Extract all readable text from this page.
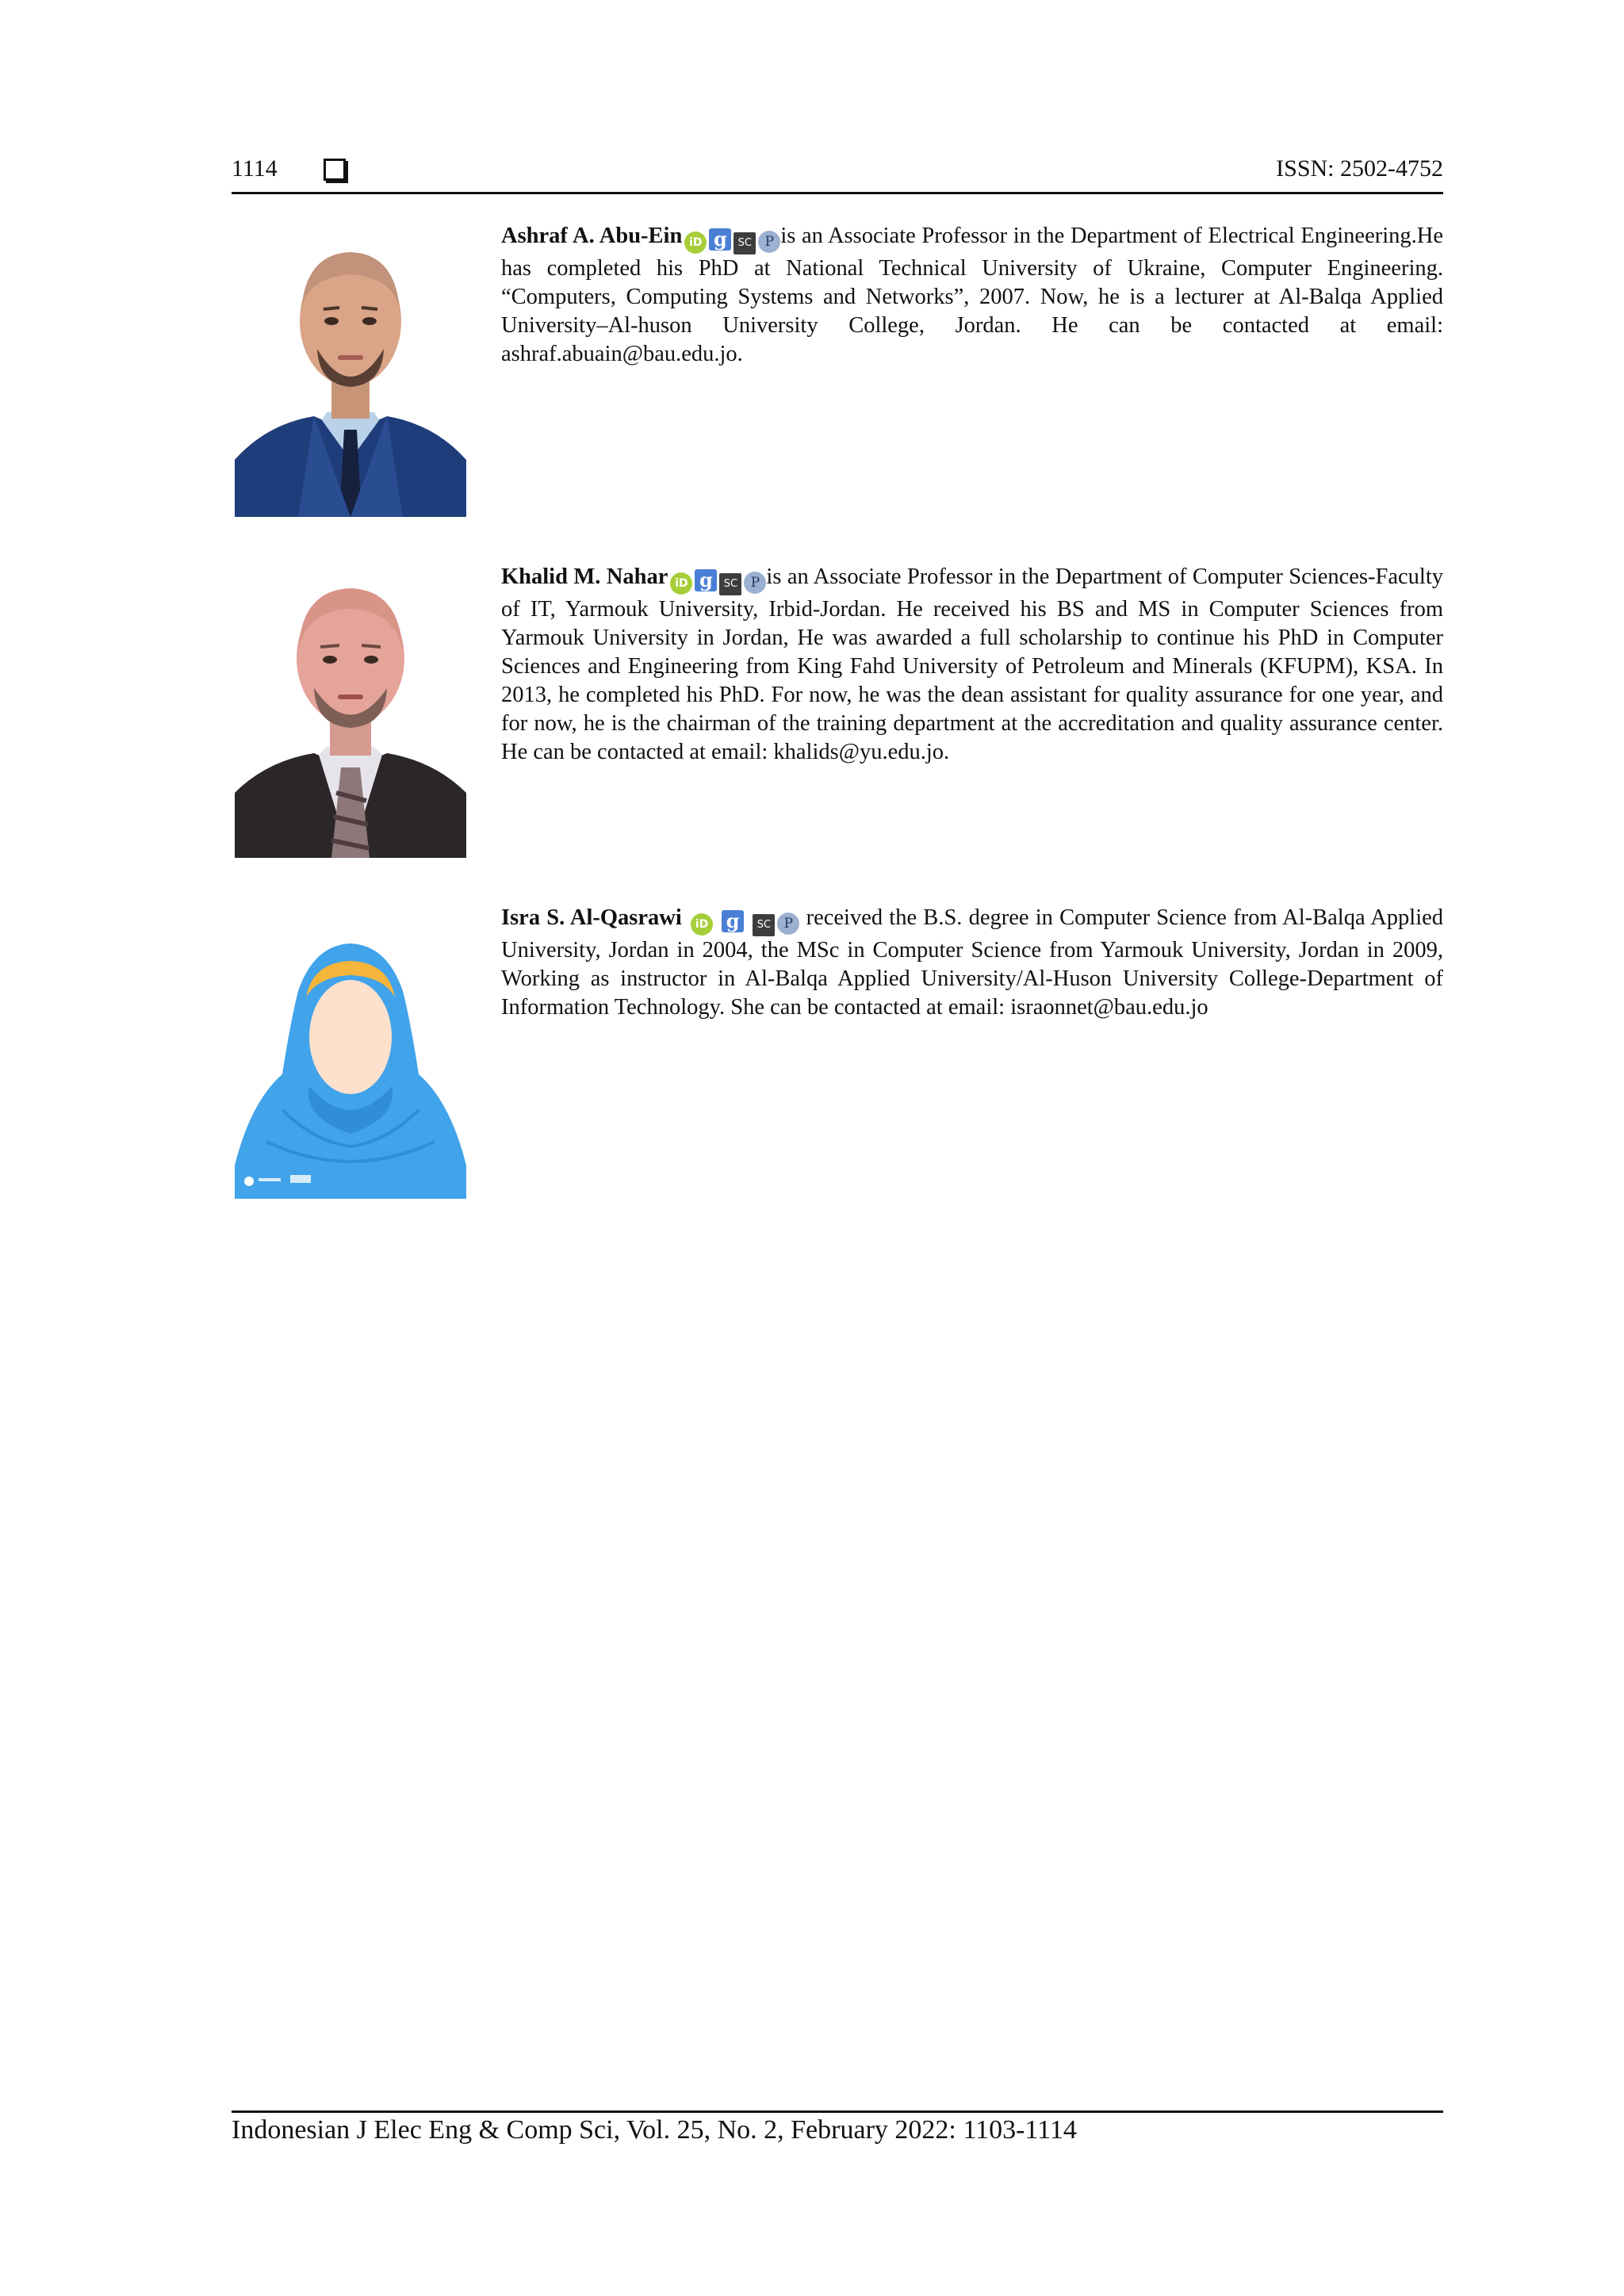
1114	ISSN: 2502-4752
Ashraf A. Abu-Ein iD g SC P is an Associate Professor in the Department of Electrical Engineering.He has completed his PhD at National Technical University of Ukraine, Computer Engineering. “Computers, Computing Systems and Networks”, 2007. Now, he is a lecturer at Al-Balqa Applied University–Al-huson University College, Jordan. He can be contacted at email: ashraf.abuain@bau.edu.jo.
Khalid M. Nahar iD g SC P is an Associate Professor in the Department of Computer Sciences-Faculty of IT, Yarmouk University, Irbid-Jordan. He received his BS and MS in Computer Sciences from Yarmouk University in Jordan, He was awarded a full scholarship to continue his PhD in Computer Sciences and Engineering from King Fahd University of Petroleum and Minerals (KFUPM), KSA. In 2013, he completed his PhD. For now, he was the dean assistant for quality assurance for one year, and for now, he is the chairman of the training department at the accreditation and quality assurance center. He can be contacted at email: khalids@yu.edu.jo.
Isra S. Al-Qasrawi iD g SC P received the B.S. degree in Computer Science from Al-Balqa Applied University, Jordan in 2004, the MSc in Computer Science from Yarmouk University, Jordan in 2009, Working as instructor in Al-Balqa Applied University/Al-Huson University College-Department of Information Technology. She can be contacted at email: israonnet@bau.edu.jo
Indonesian J Elec Eng & Comp Sci, Vol. 25, No. 2, February 2022: 1103-1114
